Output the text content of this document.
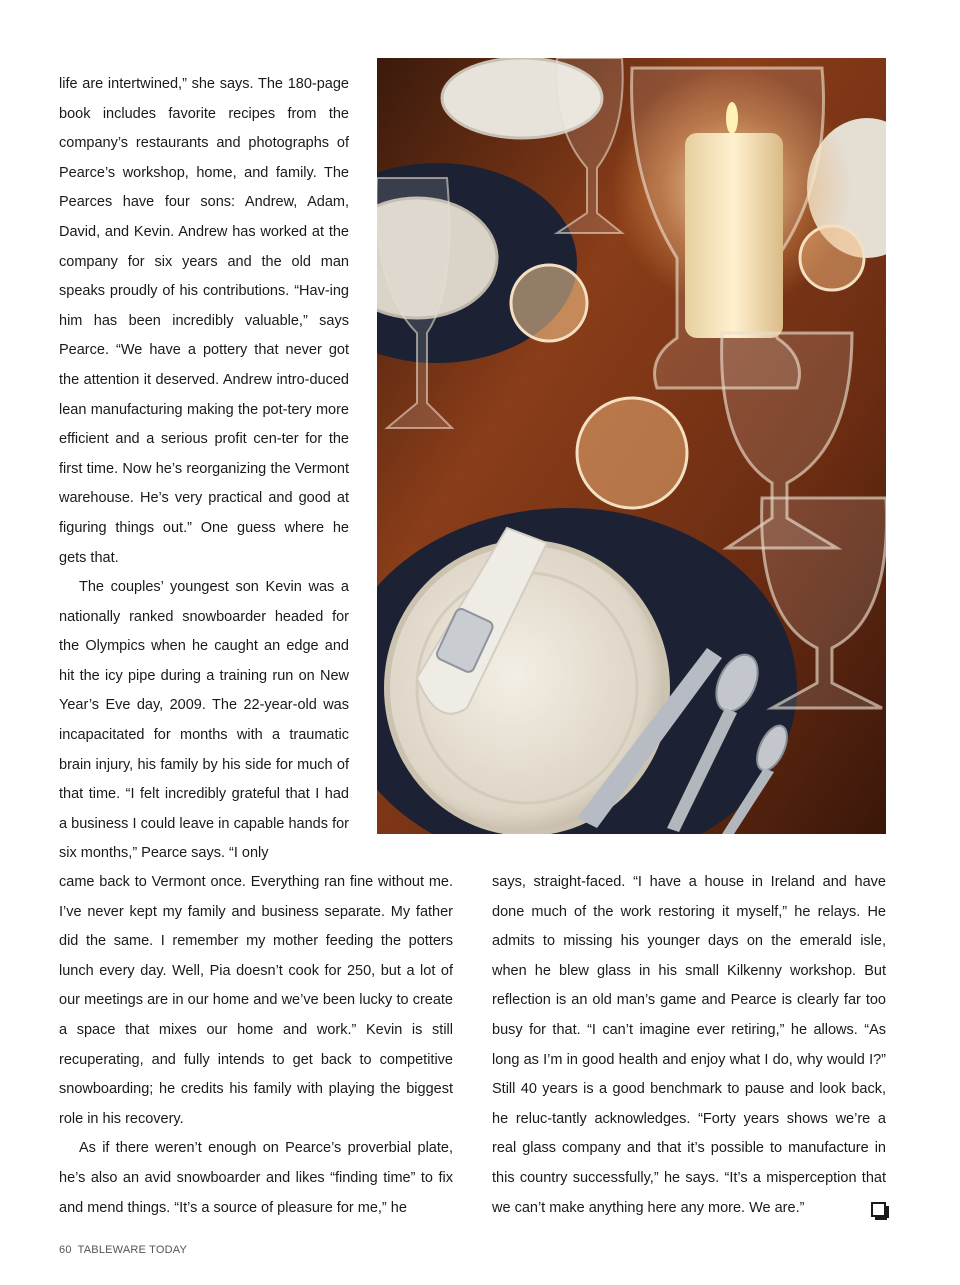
life are intertwined,” she says. The 180-page book includes favorite recipes from the company’s restaurants and photographs of Pearce’s workshop, home, and family. The Pearces have four sons: Andrew, Adam, David, and Kevin. Andrew has worked at the company for six years and the old man speaks proudly of his contributions. “Hav-ing him has been incredibly valuable,” says Pearce. “We have a pottery that never got the attention it deserved. Andrew intro-duced lean manufacturing making the pot-tery more efficient and a serious profit cen-ter for the first time. Now he’s reorganizing the Vermont warehouse. He’s very practical and good at figuring things out.” One guess where he gets that.

The couples’ youngest son Kevin was a nationally ranked snowboarder headed for the Olympics when he caught an edge and hit the icy pipe during a training run on New Year’s Eve day, 2009. The 22-year-old was incapacitated for months with a traumatic brain injury, his family by his side for much of that time. “I felt incredibly grateful that I had a business I could leave in capable hands for six months,” Pearce says. “I only

came back to Vermont once. Everything ran fine without me. I’ve never kept my family and business separate. My father did the same. I remember my mother feeding the potters lunch every day. Well, Pia doesn’t cook for 250, but a lot of our meetings are in our home and we’ve been lucky to create a space that mixes our home and work.” Kevin is still recuperating, and fully intends to get back to competitive snowboarding; he credits his family with playing the biggest role in his recovery.

As if there weren’t enough on Pearce’s proverbial plate, he’s also an avid snowboarder and likes “finding time” to fix and mend things. “It’s a source of pleasure for me,” he

says, straight-faced. “I have a house in Ireland and have done much of the work restoring it myself,” he relays. He admits to missing his younger days on the emerald isle, when he blew glass in his small Kilkenny workshop. But reflection is an old man’s game and Pearce is clearly far too busy for that. “I can’t imagine ever retiring,” he allows. “As long as I’m in good health and enjoy what I do, why would I?” Still 40 years is a good benchmark to pause and look back, he reluc-tantly acknowledges. “Forty years shows we’re a real glass company and that it’s possible to manufacture in this country successfully,” he says. “It’s a misperception that we can’t make anything here any more. We are.”

60 TABLEWARE TODAY
